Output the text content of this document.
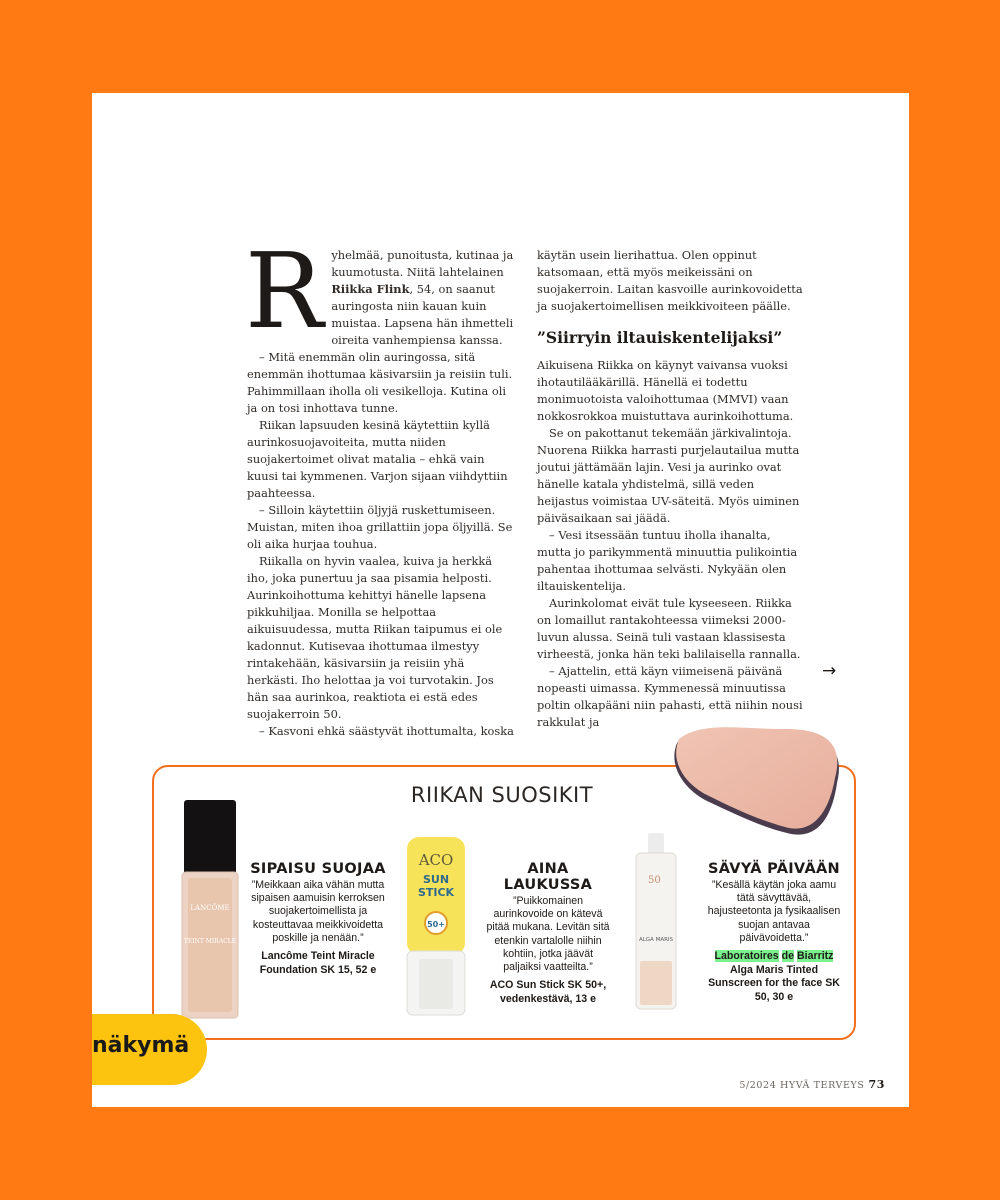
Ryhelmää, punoitusta, kutinaa ja kuumotusta. Niitä lahtelainen Riikka Flink, 54, on saanut auringosta niin kauan kuin muistaa. Lapsena hän ihmetteli oireita vanhempiensa kanssa.

– Mitä enemmän olin auringossa, sitä enemmän ihottumaa käsivarsiin ja reisiin tuli. Pahimmillaan iholla oli vesikelloja. Kutina oli ja on tosi inhottava tunne.

Riikan lapsuuden kesinä käytettiin kyllä aurinkosuojavoiteita, mutta niiden suojakertoimet olivat matalia – ehkä vain kuusi tai kymmenen. Varjon sijaan viihdyttiin paahteessa.

– Silloin käytettiin öljyjä ruskettumiseen. Muistan, miten ihoa grillattiin jopa öljyillä. Se oli aika hurjaa touhua.

Riikalla on hyvin vaalea, kuiva ja herkkä iho, joka punertuu ja saa pisamia helposti. Aurinkoihottuma kehittyi hänelle lapsena pikkuhiljaa. Monilla se helpottaa aikuisuudessa, mutta Riikan taipumus ei ole kadonnut. Kutisevaa ihottumaa ilmestyy rintakehään, käsivarsiin ja reisiin yhä herkästi. Iho helottaa ja voi turvotakin. Jos hän saa aurinkoa, reaktiota ei estä edes suojakerroin 50.

– Kasvoni ehkä säästyvät ihottumalta, koska

käytän usein lierihattua. Olen oppinut katsomaan, että myös meikeissäni on suojakerroin. Laitan kasvoille aurinkovoidetta ja suojakertoimellisen meikkivoiteen päälle.

”Siirryin iltauiskentelijaksi”

Aikuisena Riikka on käynyt vaivansa vuoksi ihotautilääkärillä. Hänellä ei todettu monimuotoista valoihottumaa (MMVI) vaan nokkosrokkoa muistuttava aurinkoihottuma.

Se on pakottanut tekemään järkivalintoja. Nuorena Riikka harrasti purjelautailua mutta joutui jättämään lajin. Vesi ja aurinko ovat hänelle katala yhdistelmä, sillä veden heijastus voimistaa UV-säteitä. Myös uiminen päiväsaikaan sai jäädä.

– Vesi itsessään tuntuu iholla ihanalta, mutta jo parikymmentä minuuttia pulikointia pahentaa ihottumaa selvästi. Nykyään olen iltauiskentelija.

Aurinkolomat eivät tule kyseeseen. Riikka on lomaillut rantakohteessa viimeksi 2000-luvun alussa. Seinä tuli vastaan klassisesta virheestä, jonka hän teki balilaisella rannalla.

– Ajattelin, että käyn viimeisenä päivänä nopeasti uimassa. Kymmenessä minuutissa poltin olkapääni niin pahasti, että niihin nousi rakkulat ja

→
RIIKAN SUOSIKIT
LANCÔME
TEINT MIRACLE
ACO
SUN
STICK
50+
50
ALGA MARIS
SIPAISU SUOJAA
”Meikkaan aika vähän mutta sipaisen aamuisin kerroksen suojakertoimellista ja kosteuttavaa meikkivoidetta poskille ja nenään.”
Lancôme Teint Miracle Foundation SK 15, 52 e
AINA LAUKUSSA
”Puikkomainen aurinkovoide on kätevä pitää mukana. Levitän sitä etenkin vartalolle niihin kohtiin, jotka jäävät paljaiksi vaatteilta.”
ACO Sun Stick SK 50+, vedenkestävä, 13 e
SÄVYÄ PÄIVÄÄN
”Kesällä käytän joka aamu tätä sävyttävää, hajusteetonta ja fysikaalisen suojan antavaa päivävoidetta.”
Laboratoires de Biarritz
Alga Maris Tinted Sunscreen for the face SK 50, 30 e
5/2024 HYVÄ TERVEYS 73
näkymä
